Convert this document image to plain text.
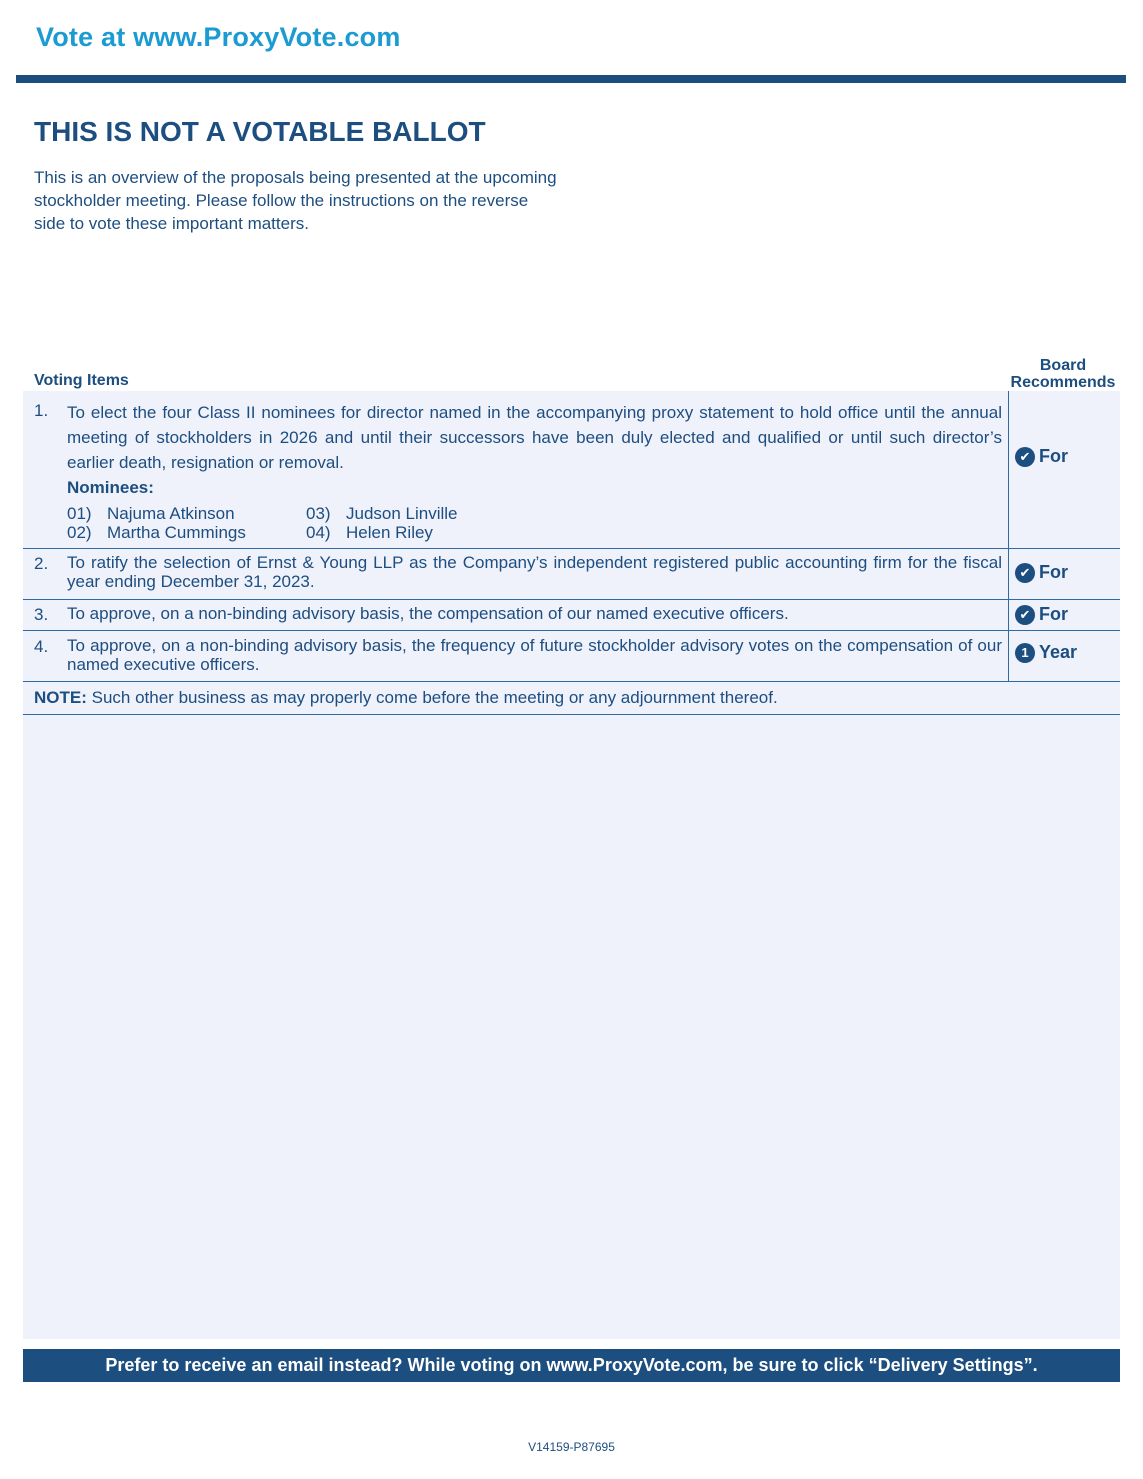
Vote at www.ProxyVote.com
THIS IS NOT A VOTABLE BALLOT
This is an overview of the proposals being presented at the upcoming stockholder meeting. Please follow the instructions on the reverse side to vote these important matters.
Voting Items
Board
Recommends
1. To elect the four Class II nominees for director named in the accompanying proxy statement to hold office until the annual meeting of stockholders in 2026 and until their successors have been duly elected and qualified or until such director’s earlier death, resignation or removal.
Nominees:
01) Najuma Atkinson
02) Martha Cummings
03) Judson Linville
04) Helen Riley
✔ For
2. To ratify the selection of Ernst & Young LLP as the Company’s independent registered public accounting firm for the fiscal year ending December 31, 2023.	✔ For
3. To approve, on a non-binding advisory basis, the compensation of our named executive officers.	✔ For
4. To approve, on a non-binding advisory basis, the frequency of future stockholder advisory votes on the compensation of our named executive officers.
1 Year
NOTE: Such other business as may properly come before the meeting or any adjournment thereof.
Prefer to receive an email instead? While voting on www.ProxyVote.com, be sure to click “Delivery Settings”.
V14159-P87695
